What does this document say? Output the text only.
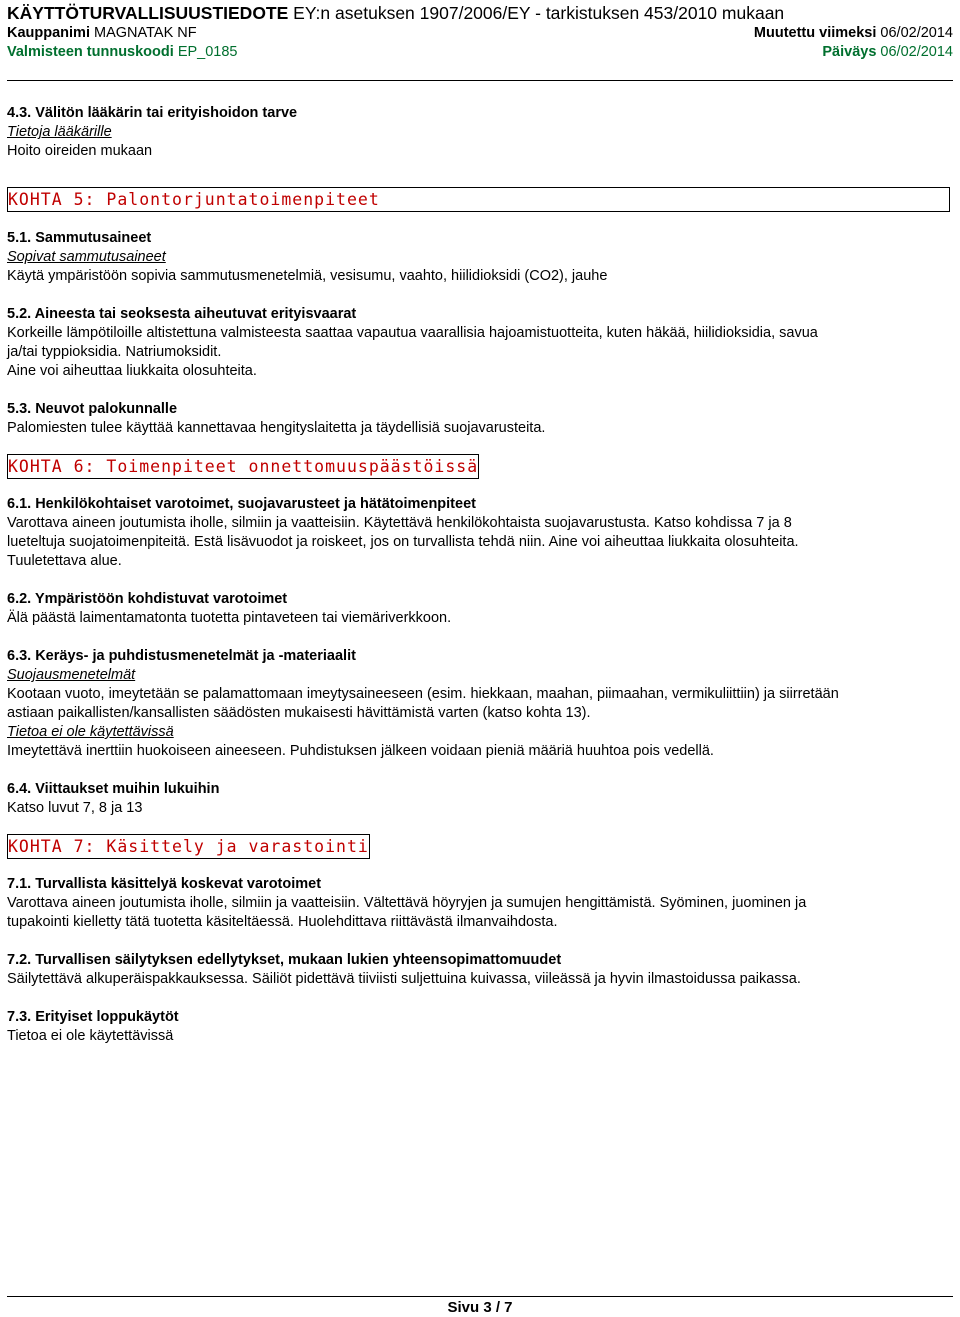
KÄYTTÖTURVALLISUUSTIEDOTE EY:n asetuksen 1907/2006/EY - tarkistuksen 453/2010 mukaan
Kauppanimi MAGNATAK NF	Muutettu viimeksi 06/02/2014
Valmisteen tunnuskoodi EP_0185	Päiväys 06/02/2014

4.3. Välitön lääkärin tai erityishoidon tarve

Tietoja lääkärille

Hoito oireiden mukaan

KOHTA 5: Palontorjuntatoimenpiteet

5.1. Sammutusaineet

Sopivat sammutusaineet

Käytä ympäristöön sopivia sammutusmenetelmiä, vesisumu, vaahto, hiilidioksidi (CO2), jauhe

5.2. Aineesta tai seoksesta aiheutuvat erityisvaarat

Korkeille lämpötiloille altistettuna valmisteesta saattaa vapautua vaarallisia hajoamistuotteita, kuten häkää, hiilidioksidia, savua

ja/tai typpioksidia. Natriumoksidit.

Aine voi aiheuttaa liukkaita olosuhteita.

5.3. Neuvot palokunnalle

Palomiesten tulee käyttää kannettavaa hengityslaitetta ja täydellisiä suojavarusteita.

KOHTA 6: Toimenpiteet onnettomuuspäästöissä

6.1. Henkilökohtaiset varotoimet, suojavarusteet ja hätätoimenpiteet

Varottava aineen joutumista iholle, silmiin ja vaatteisiin. Käytettävä henkilökohtaista suojavarustusta. Katso kohdissa 7 ja 8

lueteltuja suojatoimenpiteitä. Estä lisävuodot ja roiskeet, jos on turvallista tehdä niin. Aine voi aiheuttaa liukkaita olosuhteita.

Tuuletettava alue.

6.2. Ympäristöön kohdistuvat varotoimet

Älä päästä laimentamatonta tuotetta pintaveteen tai viemäriverkkoon.

6.3. Keräys- ja puhdistusmenetelmät ja -materiaalit

Suojausmenetelmät

Kootaan vuoto, imeytetään se palamattomaan imeytysaineeseen (esim. hiekkaan, maahan, piimaahan, vermikuliittiin) ja siirretään

astiaan paikallisten/kansallisten säädösten mukaisesti hävittämistä varten (katso kohta 13).

Tietoa ei ole käytettävissä

Imeytettävä inerttiin huokoiseen aineeseen. Puhdistuksen jälkeen voidaan pieniä määriä huuhtoa pois vedellä.

6.4. Viittaukset muihin lukuihin

Katso luvut 7, 8 ja 13

KOHTA 7: Käsittely ja varastointi

7.1. Turvallista käsittelyä koskevat varotoimet

Varottava aineen joutumista iholle, silmiin ja vaatteisiin. Vältettävä höyryjen ja sumujen hengittämistä. Syöminen, juominen ja

tupakointi kielletty tätä tuotetta käsiteltäessä. Huolehdittava riittävästä ilmanvaihdosta.

7.2. Turvallisen säilytyksen edellytykset, mukaan lukien yhteensopimattomuudet

Säilytettävä alkuperäispakkauksessa. Säiliöt pidettävä tiiviisti suljettuina kuivassa, viileässä ja hyvin ilmastoidussa paikassa.

7.3. Erityiset loppukäytöt

Tietoa ei ole käytettävissä

Sivu 3 / 7
